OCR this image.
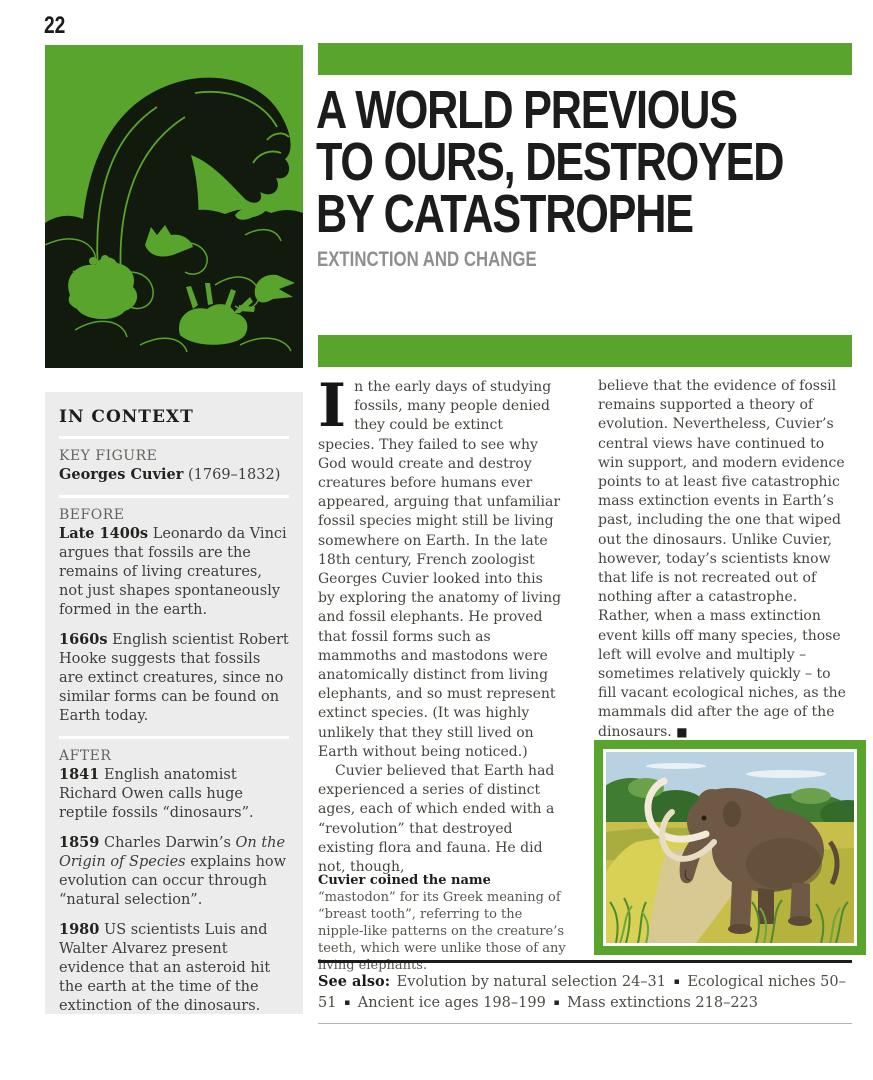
22
A WORLD PREVIOUS
TO OURS, DESTROYED
BY CATASTROPHE
EXTINCTION AND CHANGE
IN CONTEXT
KEY FIGURE

Georges Cuvier (1769–1832)

BEFORE

Late 1400s Leonardo da Vinci argues that fossils are the remains of living creatures, not just shapes spontaneously formed in the earth.

1660s English scientist Robert Hooke suggests that fossils are extinct creatures, since no similar forms can be found on Earth today.

AFTER

1841 English anatomist Richard Owen calls huge reptile fossils “dinosaurs”.

1859 Charles Darwin’s On the Origin of Species explains how evolution can occur through “natural selection”.

1980 US scientists Luis and Walter Alvarez present evidence that an asteroid hit the earth at the time of the extinction of the dinosaurs.

In the early days of studying fossils, many people denied they could be extinct species. They failed to see why God would create and destroy creatures before humans ever appeared, arguing that unfamiliar fossil species might still be living somewhere on Earth. In the late 18th century, French zoologist Georges Cuvier looked into this by exploring the anatomy of living and fossil elephants. He proved that fossil forms such as mammoths and mastodons were anatomically distinct from living elephants, and so must represent extinct species. (It was highly unlikely that they still lived on Earth without being noticed.)

Cuvier believed that Earth had experienced a series of distinct ages, each of which ended with a “revolution” that destroyed existing flora and fauna. He did not, though,

Cuvier coined the name “mastodon” for its Greek meaning of “breast tooth”, referring to the nipple-like patterns on the creature’s teeth, which were unlike those of any living elephants.

believe that the evidence of fossil remains supported a theory of evolution. Nevertheless, Cuvier’s central views have continued to win support, and modern evidence points to at least five catastrophic mass extinction events in Earth’s past, including the one that wiped out the dinosaurs. Unlike Cuvier, however, today’s scientists know that life is not recreated out of nothing after a catastrophe. Rather, when a mass extinction event kills off many species, those left will evolve and multiply – sometimes relatively quickly – to fill vacant ecological niches, as the mammals did after the age of the dinosaurs. ■

See also: Evolution by natural selection 24–31 ▪ Ecological niches 50–51 ▪ Ancient ice ages 198–199 ▪ Mass extinctions 218–223
